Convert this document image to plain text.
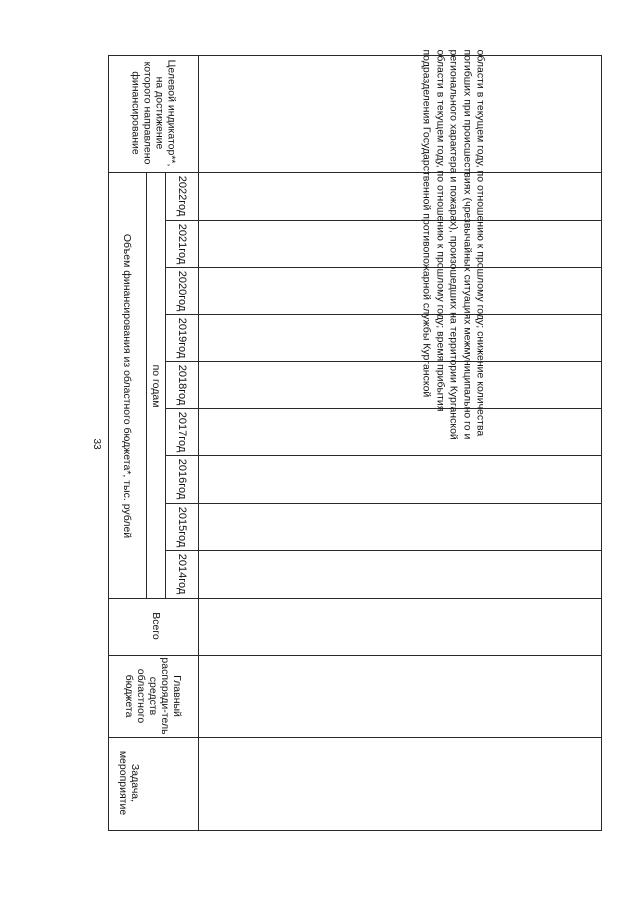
33
Целевой индикатор**, на достижение которого направлено финансирование
Объем финансирования из областного бюджета*, тыс. рублей по годам
Всего
Главный распоряди-тель средств областного бюджета
Задача, мероприятие
2014

год
2015

год
2016

год
2017

год
2018

год
2019

год
2020

год
2021

год
2022

год	области в текущем году, по отношению к прошлому году; снижение количества погибших при происшествиях (чрезвычайных ситуациях межмуниципально го и регионального характера и пожарах), произошедших на территории Курганской области в текущем году, по отношению к прошлому году; время прибытия подразделения Государственной противопожарной службы Курганской
